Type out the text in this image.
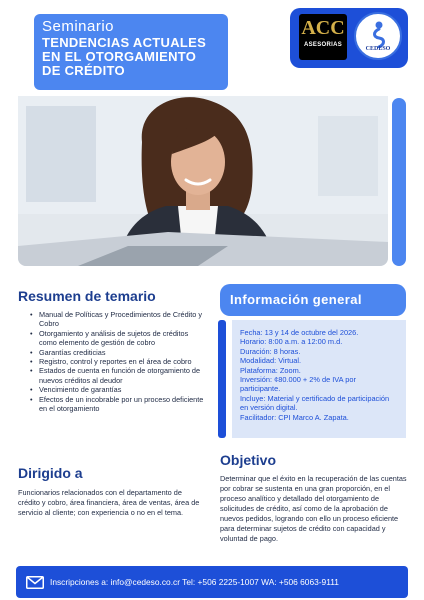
Seminario
TENDENCIAS ACTUALES
EN EL OTORGAMIENTO
DE CRÉDITO
ACC
ASESORIAS
CEDESO
Resumen de temario
• Manual de Políticas y Procedimientos de Crédito y Cobro
• Otorgamiento y análisis de sujetos de créditos como elemento de gestión de cobro
• Garantías crediticias
• Registro, control y reportes en el área de cobro
• Estados de cuenta en función de otorgamiento de nuevos créditos al deudor
• Vencimiento de garantías
• Efectos de un incobrable por un proceso deficiente en el otorgamiento
Dirigido a
Funcionarios relacionados con el departamento de crédito y cobro, área financiera, área de ventas, área de servicio al cliente; con experiencia o no en el tema.
Información general
Fecha: 13 y 14 de octubre del 2026.
Horario: 8:00 a.m. a 12:00 m.d.
Duración: 8 horas.
Modalidad: Virtual.
Plataforma: Zoom.
Inversión: ¢80.000 + 2% de IVA por participante.
Incluye: Material y certificado de participación en versión digital.
Facilitador: CPI Marco A. Zapata.
Objetivo
Determinar que el éxito en la recuperación de las cuentas por cobrar se sustenta en una gran proporción, en el proceso analítico y detallado del otorgamiento de solicitudes de crédito, así como de la aprobación de nuevos pedidos, logrando con ello un proceso eficiente para determinar sujetos de crédito con capacidad y voluntad de pago.
Inscripciones a: info@cedeso.co.cr Tel: +506 2225-1007 WA: +506 6063-9111
